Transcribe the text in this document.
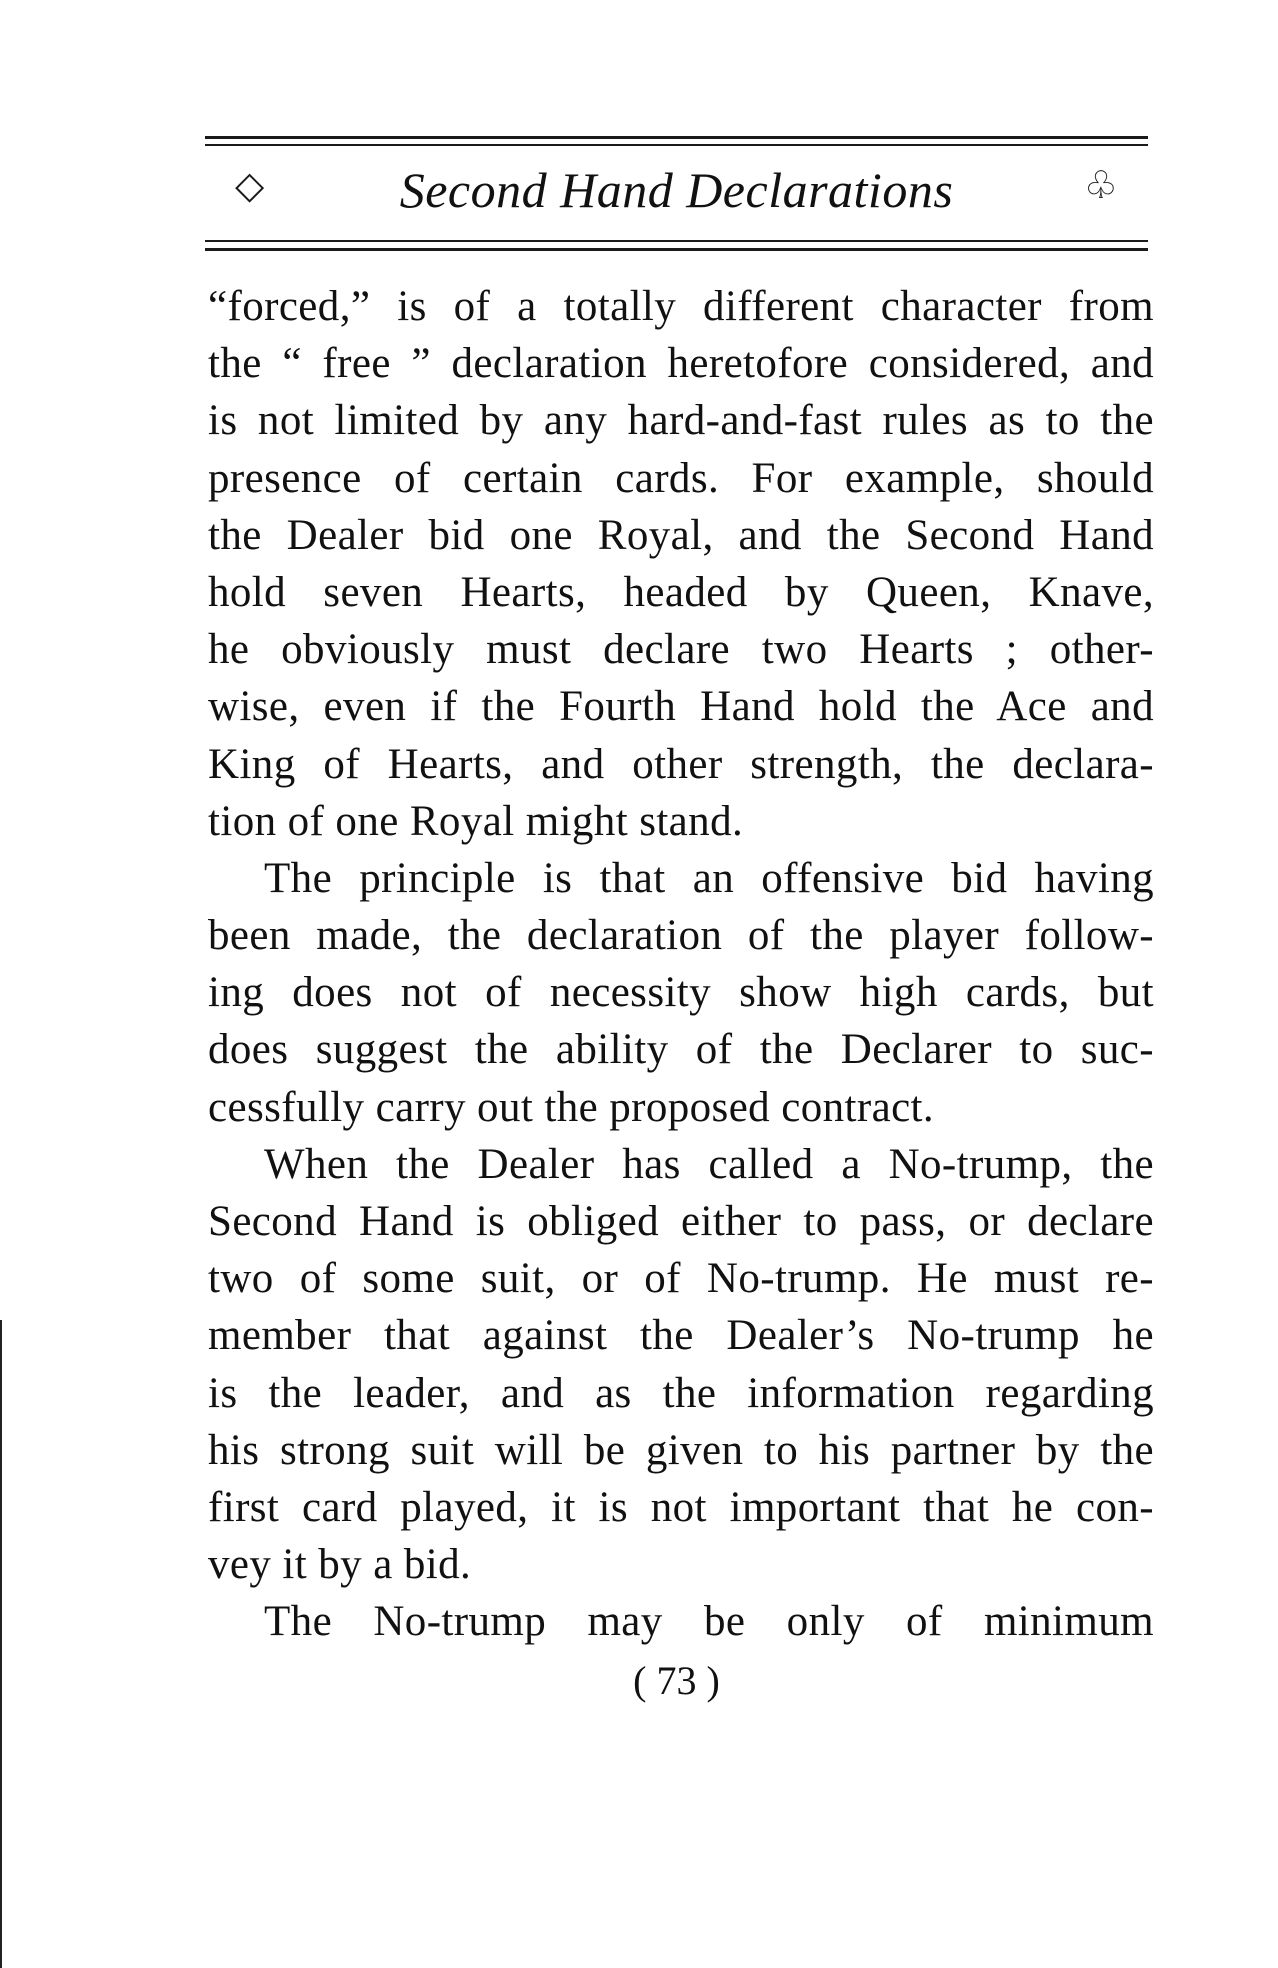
◇	Second Hand Declarations	♧
“forced,” is of a totally different character from
the “ free ” declaration heretofore considered, and
is not limited by any hard-and-fast rules as to the
presence of certain cards. For example, should
the Dealer bid one Royal, and the Second Hand
hold seven Hearts, headed by Queen, Knave,
he obviously must declare two Hearts ; other-
wise, even if the Fourth Hand hold the Ace and
King of Hearts, and other strength, the declara-
tion of one Royal might stand.
The principle is that an offensive bid having
been made, the declaration of the player follow-
ing does not of necessity show high cards, but
does suggest the ability of the Declarer to suc-
cessfully carry out the proposed contract.
When the Dealer has called a No-trump, the
Second Hand is obliged either to pass, or declare
two of some suit, or of No-trump. He must re-
member that against the Dealer’s No-trump he
is the leader, and as the information regarding
his strong suit will be given to his partner by the
first card played, it is not important that he con-
vey it by a bid.
The No-trump may be only of minimum
( 73 )
